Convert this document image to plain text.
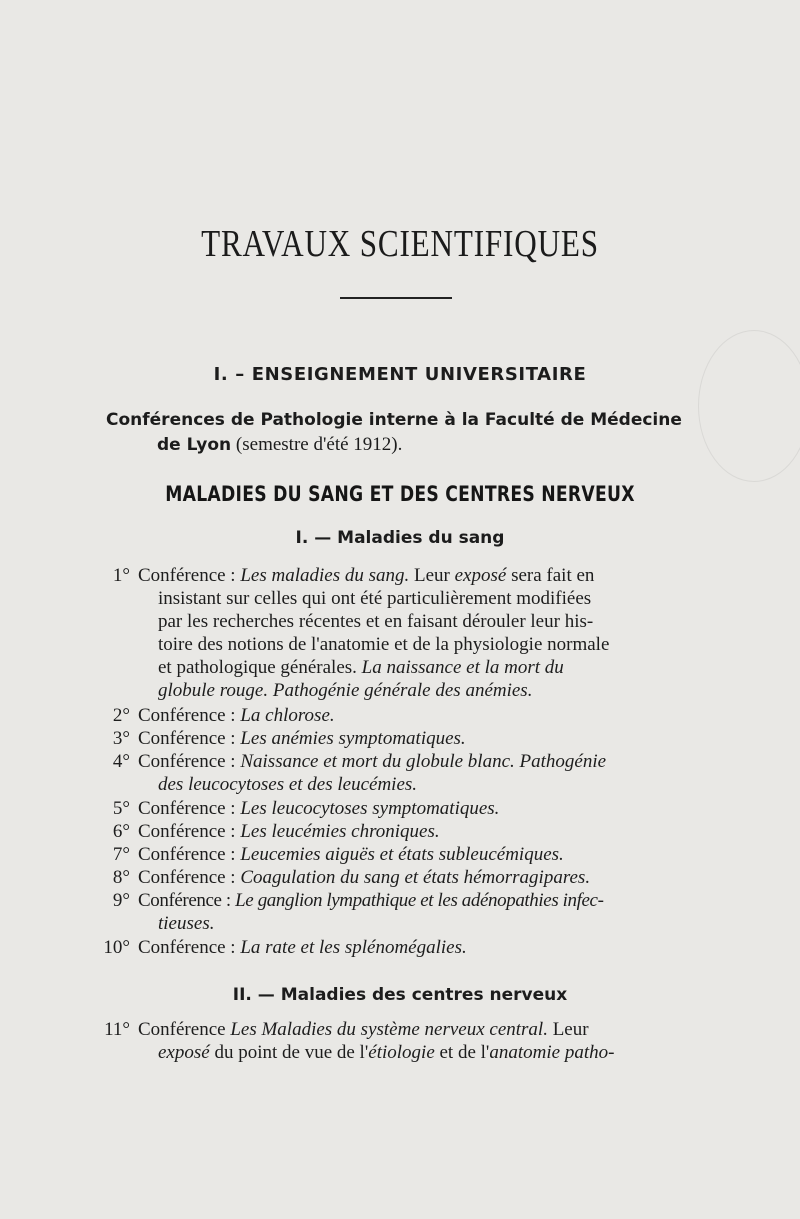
TRAVAUX SCIENTIFIQUES
I. – ENSEIGNEMENT UNIVERSITAIRE
Conférences de Pathologie interne à la Faculté de Médecine
de Lyon (semestre d'été 1912).
MALADIES DU SANG ET DES CENTRES NERVEUX
I. — Maladies du sang
1° Conférence : Les maladies du sang. Leur exposé sera fait en
insistant sur celles qui ont été particulièrement modifiées
par les recherches récentes et en faisant dérouler leur his-
toire des notions de l'anatomie et de la physiologie normale
et pathologique générales. La naissance et la mort du
globule rouge. Pathogénie générale des anémies.
2° Conférence : La chlorose.
3° Conférence : Les anémies symptomatiques.
4° Conférence : Naissance et mort du globule blanc. Pathogénie
des leucocytoses et des leucémies.
5° Conférence : Les leucocytoses symptomatiques.
6° Conférence : Les leucémies chroniques.
7° Conférence : Leucemies aiguës et états subleucémiques.
8° Conférence : Coagulation du sang et états hémorragipares.
9° Conférence : Le ganglion lympathique et les adénopathies infec-
tieuses.
10° Conférence : La rate et les splénomégalies.
II. — Maladies des centres nerveux
11° Conférence Les Maladies du système nerveux central. Leur
exposé du point de vue de l'étiologie et de l'anatomie patho-
